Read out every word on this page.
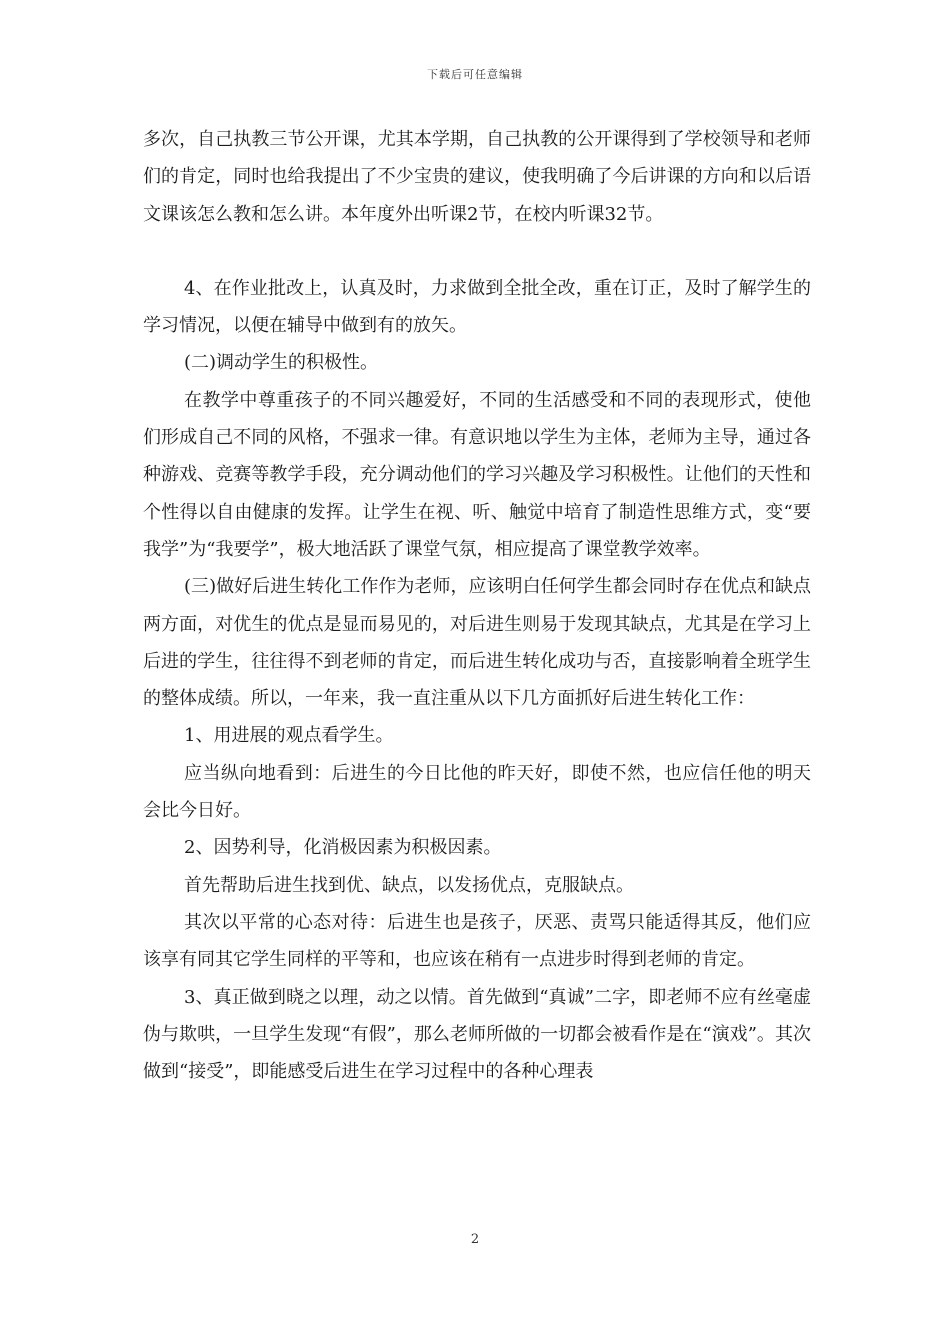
下载后可任意编辑

多次，自己执教三节公开课，尤其本学期，自己执教的公开课得到了学校领导和老师们的肯定，同时也给我提出了不少宝贵的建议，使我明确了今后讲课的方向和以后语文课该怎么教和怎么讲。本年度外出听课2节，在校内听课32节。

4、在作业批改上，认真及时，力求做到全批全改，重在订正，及时了解学生的学习情况，以便在辅导中做到有的放矢。

(二)调动学生的积极性。

在教学中尊重孩子的不同兴趣爱好，不同的生活感受和不同的表现形式，使他们形成自己不同的风格，不强求一律。有意识地以学生为主体，老师为主导，通过各种游戏、竞赛等教学手段，充分调动他们的学习兴趣及学习积极性。让他们的天性和个性得以自由健康的发挥。让学生在视、听、触觉中培育了制造性思维方式，变“要我学”为“我要学”，极大地活跃了课堂气氛，相应提高了课堂教学效率。

(三)做好后进生转化工作作为老师，应该明白任何学生都会同时存在优点和缺点两方面，对优生的优点是显而易见的，对后进生则易于发现其缺点，尤其是在学习上后进的学生，往往得不到老师的肯定，而后进生转化成功与否，直接影响着全班学生的整体成绩。所以，一年来，我一直注重从以下几方面抓好后进生转化工作：

1、用进展的观点看学生。

应当纵向地看到：后进生的今日比他的昨天好，即使不然，也应信任他的明天会比今日好。

2、因势利导，化消极因素为积极因素。

首先帮助后进生找到优、缺点，以发扬优点，克服缺点。

其次以平常的心态对待：后进生也是孩子，厌恶、责骂只能适得其反，他们应该享有同其它学生同样的平等和，也应该在稍有一点进步时得到老师的肯定。

3、真正做到晓之以理，动之以情。首先做到“真诚”二字，即老师不应有丝毫虚伪与欺哄，一旦学生发现“有假”，那么老师所做的一切都会被看作是在“演戏”。其次做到“接受”，即能感受后进生在学习过程中的各种心理表

2
